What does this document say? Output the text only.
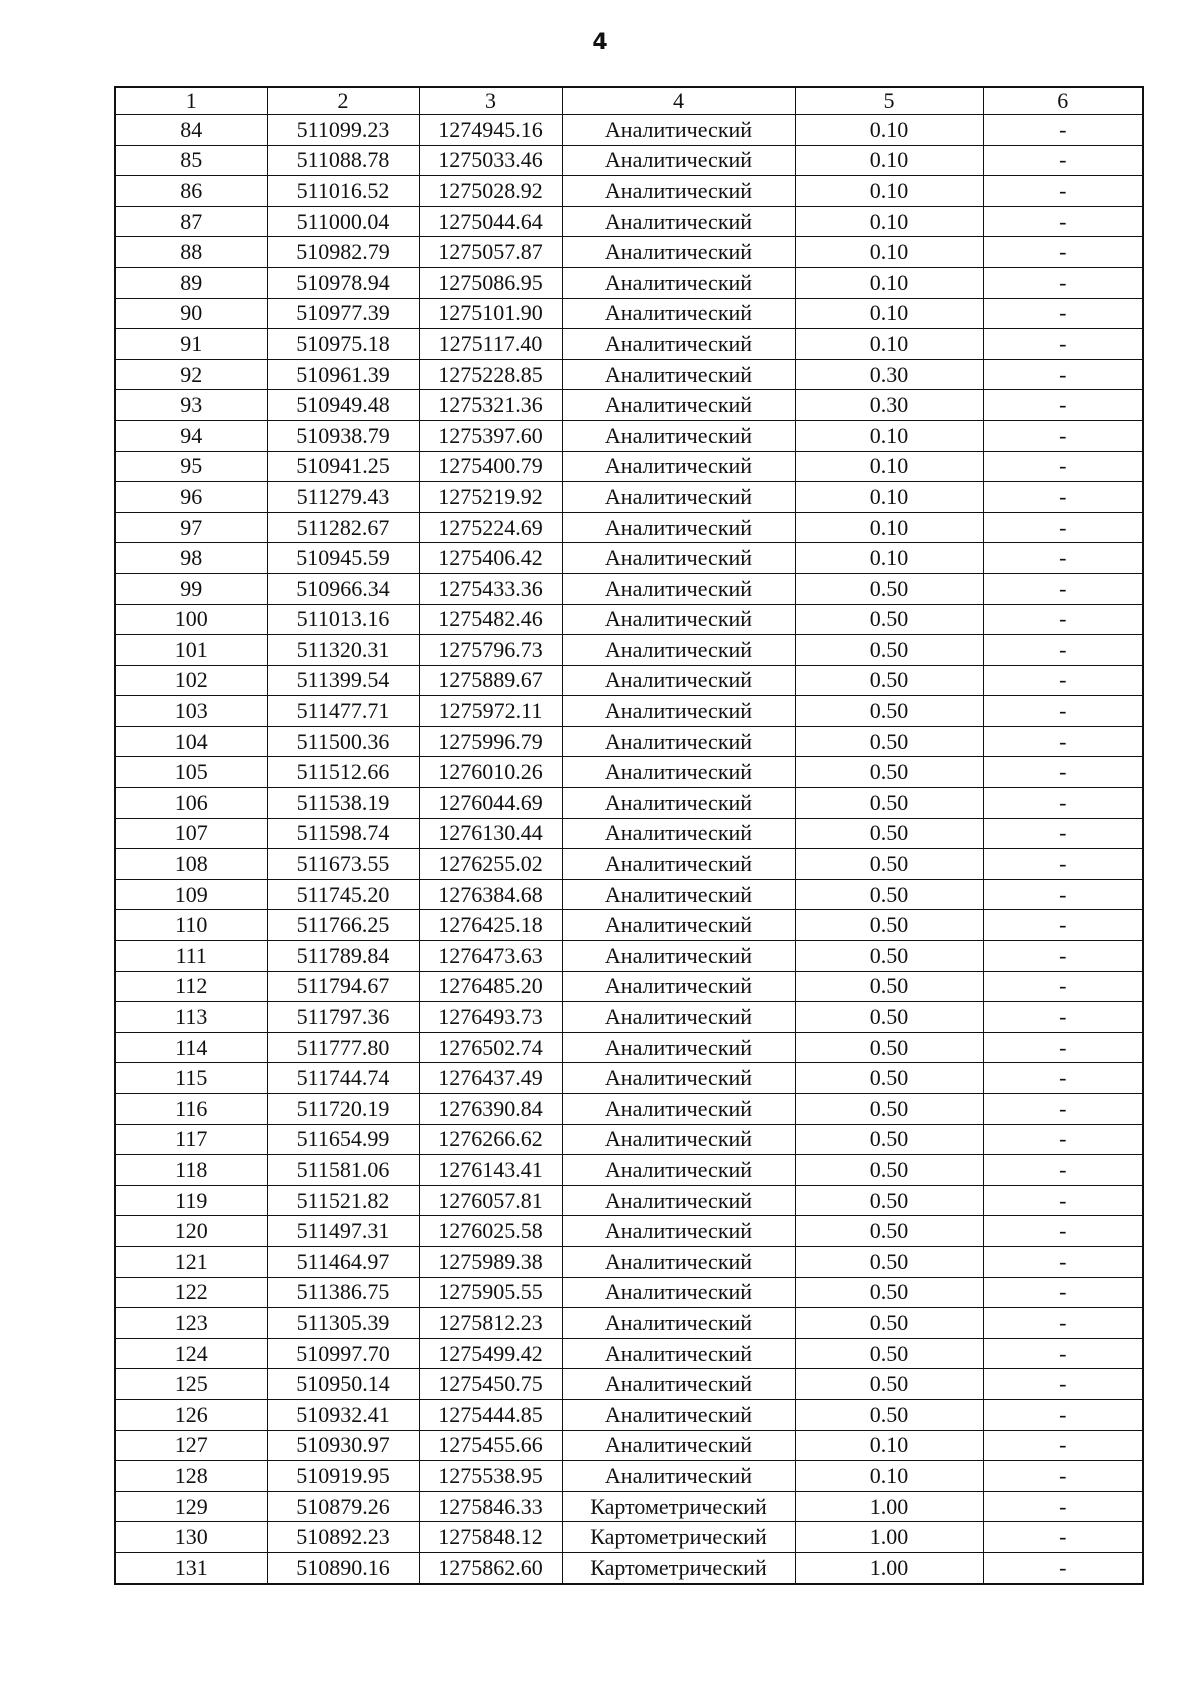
4
1	2	3	4	5	6
84	511099.23	1274945.16	Аналитический	0.10	-
85	511088.78	1275033.46	Аналитический	0.10	-
86	511016.52	1275028.92	Аналитический	0.10	-
87	511000.04	1275044.64	Аналитический	0.10	-
88	510982.79	1275057.87	Аналитический	0.10	-
89	510978.94	1275086.95	Аналитический	0.10	-
90	510977.39	1275101.90	Аналитический	0.10	-
91	510975.18	1275117.40	Аналитический	0.10	-
92	510961.39	1275228.85	Аналитический	0.30	-
93	510949.48	1275321.36	Аналитический	0.30	-
94	510938.79	1275397.60	Аналитический	0.10	-
95	510941.25	1275400.79	Аналитический	0.10	-
96	511279.43	1275219.92	Аналитический	0.10	-
97	511282.67	1275224.69	Аналитический	0.10	-
98	510945.59	1275406.42	Аналитический	0.10	-
99	510966.34	1275433.36	Аналитический	0.50	-
100	511013.16	1275482.46	Аналитический	0.50	-
101	511320.31	1275796.73	Аналитический	0.50	-
102	511399.54	1275889.67	Аналитический	0.50	-
103	511477.71	1275972.11	Аналитический	0.50	-
104	511500.36	1275996.79	Аналитический	0.50	-
105	511512.66	1276010.26	Аналитический	0.50	-
106	511538.19	1276044.69	Аналитический	0.50	-
107	511598.74	1276130.44	Аналитический	0.50	-
108	511673.55	1276255.02	Аналитический	0.50	-
109	511745.20	1276384.68	Аналитический	0.50	-
110	511766.25	1276425.18	Аналитический	0.50	-
111	511789.84	1276473.63	Аналитический	0.50	-
112	511794.67	1276485.20	Аналитический	0.50	-
113	511797.36	1276493.73	Аналитический	0.50	-
114	511777.80	1276502.74	Аналитический	0.50	-
115	511744.74	1276437.49	Аналитический	0.50	-
116	511720.19	1276390.84	Аналитический	0.50	-
117	511654.99	1276266.62	Аналитический	0.50	-
118	511581.06	1276143.41	Аналитический	0.50	-
119	511521.82	1276057.81	Аналитический	0.50	-
120	511497.31	1276025.58	Аналитический	0.50	-
121	511464.97	1275989.38	Аналитический	0.50	-
122	511386.75	1275905.55	Аналитический	0.50	-
123	511305.39	1275812.23	Аналитический	0.50	-
124	510997.70	1275499.42	Аналитический	0.50	-
125	510950.14	1275450.75	Аналитический	0.50	-
126	510932.41	1275444.85	Аналитический	0.50	-
127	510930.97	1275455.66	Аналитический	0.10	-
128	510919.95	1275538.95	Аналитический	0.10	-
129	510879.26	1275846.33	Картометрический	1.00	-
130	510892.23	1275848.12	Картометрический	1.00	-
131	510890.16	1275862.60	Картометрический	1.00	-
